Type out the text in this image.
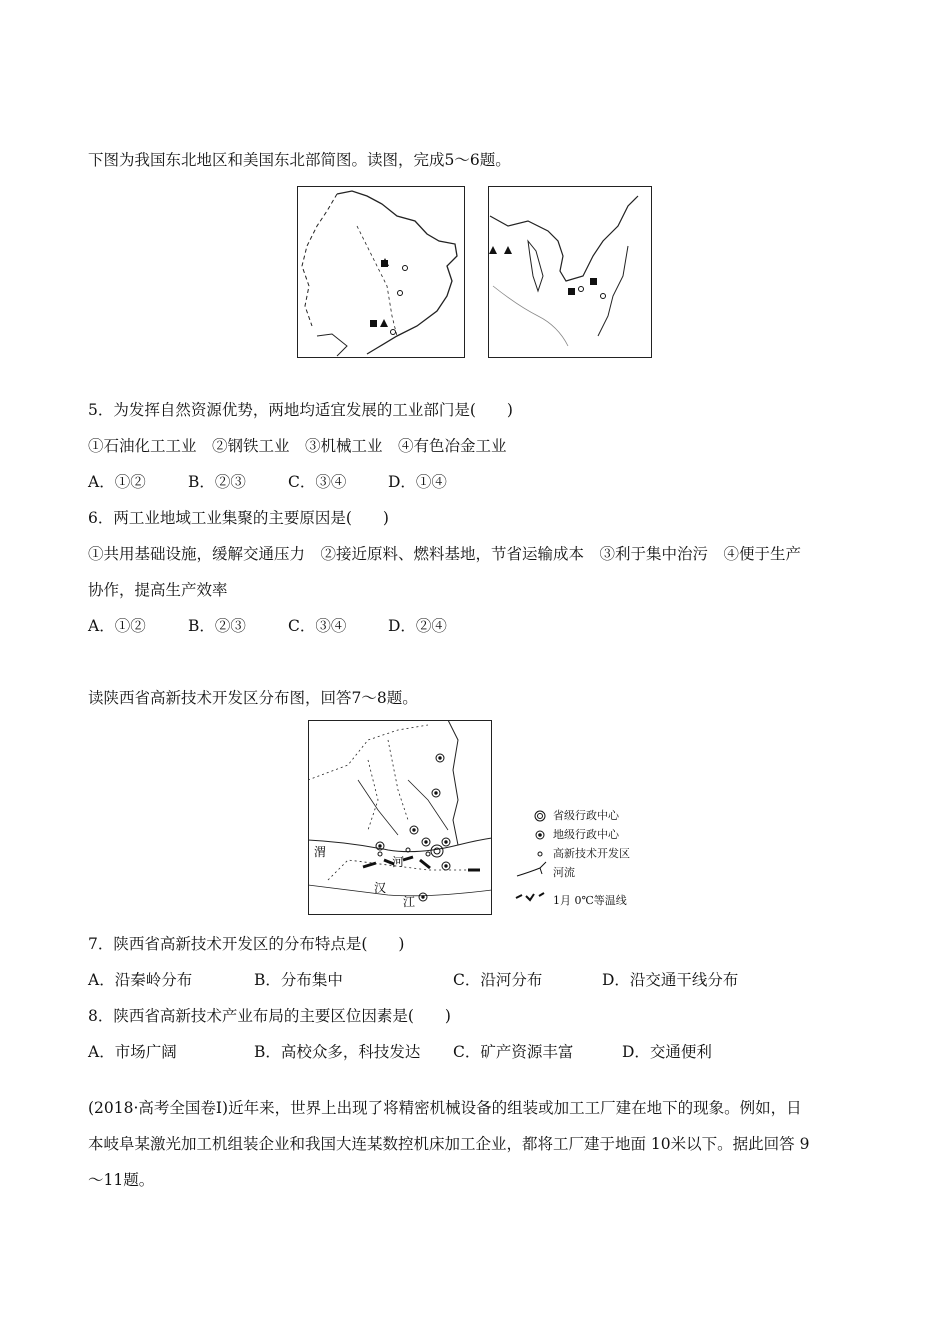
下图为我国东北地区和美国东北部简图。读图，完成5～6题。
5．为发挥自然资源优势，两地均适宜发展的工业部门是(　　)
①石油化工工业　②钢铁工业　③机械工业　④有色冶金工业
A．①②	B．②③	C．③④	D．①④
6．两工业地域工业集聚的主要原因是(　　)
①共用基础设施，缓解交通压力　②接近原料、燃料基地，节省运输成本　③利于集中治污　④便于生产
协作，提高生产效率
A．①②	B．②③	C．③④	D．②④
读陕西省高新技术开发区分布图，回答7～8题。
渭
河
汉
江
省级行政中心
地级行政中心
高新技术开发区
河流
1月 0℃等温线
7．陕西省高新技术开发区的分布特点是(　　)
A．沿秦岭分布	B．分布集中	C．沿河分布	D．沿交通干线分布
8．陕西省高新技术产业布局的主要区位因素是(　　)
A．市场广阔	B．高校众多，科技发达 C．矿产资源丰富	D．交通便利
(2018·高考全国卷Ⅰ)近年来，世界上出现了将精密机械设备的组装或加工工厂建在地下的现象。例如，日
本岐阜某激光加工机组装企业和我国大连某数控机床加工企业，都将工厂建于地面 10米以下。据此回答 9
～11题。
